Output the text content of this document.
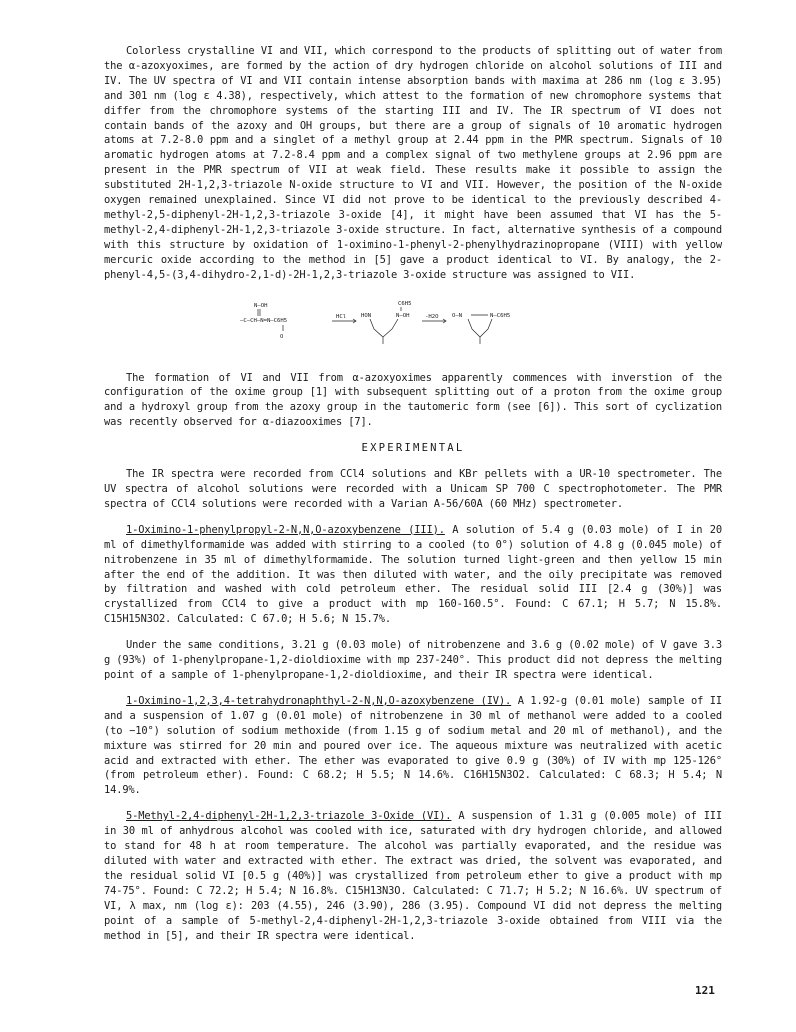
Colorless crystalline VI and VII, which correspond to the products of splitting out of water from the α-azoxyoximes, are formed by the action of dry hydrogen chloride on alcohol solutions of III and IV. The UV spectra of VI and VII contain intense absorption bands with maxima at 286 nm (log ε 3.95) and 301 nm (log ε 4.38), respectively, which attest to the formation of new chromophore systems that differ from the chromophore systems of the starting III and IV. The IR spectrum of VI does not contain bands of the azoxy and OH groups, but there are a group of signals of 10 aromatic hydrogen atoms at 7.2-8.0 ppm and a singlet of a methyl group at 2.44 ppm in the PMR spectrum. Signals of 10 aromatic hydrogen atoms at 7.2-8.4 ppm and a complex signal of two methylene groups at 2.96 ppm are present in the PMR spectrum of VII at weak field. These results make it possible to assign the substituted 2H-1,2,3-triazole N-oxide structure to VI and VII. However, the position of the N-oxide oxygen remained unexplained. Since VI did not prove to be identical to the previously described 4-methyl-2,5-diphenyl-2H-1,2,3-triazole 3-oxide [4], it might have been assumed that VI has the 5-methyl-2,4-diphenyl-2H-1,2,3-triazole 3-oxide structure. In fact, alternative synthesis of a compound with this structure by oxidation of 1-oximino-1-phenyl-2-phenylhydrazinopropane (VIII) with yellow mercuric oxide according to the method in [5] gave a product identical to VI. By analogy, the 2-phenyl-4,5-(3,4-dihydro-2,1-d)-2H-1,2,3-triazole 3-oxide structure was assigned to VII.

N—OH
—C—CH—N=N—C6H5
O
HCl	HON
C6H5
N—OH	-H2O O—N	N—C6H5

The formation of VI and VII from α-azoxyoximes apparently commences with inverstion of the configuration of the oxime group [1] with subsequent splitting out of a proton from the oxime group and a hydroxyl group from the azoxy group in the tautomeric form (see [6]). This sort of cyclization was recently observed for α-diazooximes [7].

EXPERIMENTAL

The IR spectra were recorded from CCl4 solutions and KBr pellets with a UR-10 spectrometer. The UV spectra of alcohol solutions were recorded with a Unicam SP 700 C spectrophotometer. The PMR spectra of CCl4 solutions were recorded with a Varian A-56/60A (60 MHz) spectrometer.

1-Oximino-1-phenylpropyl-2-N,N,O-azoxybenzene (III). A solution of 5.4 g (0.03 mole) of I in 20 ml of dimethylformamide was added with stirring to a cooled (to 0°) solution of 4.8 g (0.045 mole) of nitrobenzene in 35 ml of dimethylformamide. The solution turned light-green and then yellow 15 min after the end of the addition. It was then diluted with water, and the oily precipitate was removed by filtration and washed with cold petroleum ether. The residual solid III [2.4 g (30%)] was crystallized from CCl4 to give a product with mp 160-160.5°. Found: C 67.1; H 5.7; N 15.8%. C15H15N3O2. Calculated: C 67.0; H 5.6; N 15.7%.

Under the same conditions, 3.21 g (0.03 mole) of nitrobenzene and 3.6 g (0.02 mole) of V gave 3.3 g (93%) of 1-phenylpropane-1,2-dioldioxime with mp 237-240°. This product did not depress the melting point of a sample of 1-phenylpropane-1,2-dioldioxime, and their IR spectra were identical.

1-Oximino-1,2,3,4-tetrahydronaphthyl-2-N,N,O-azoxybenzene (IV). A 1.92-g (0.01 mole) sample of II and a suspension of 1.07 g (0.01 mole) of nitrobenzene in 30 ml of methanol were added to a cooled (to −10°) solution of sodium methoxide (from 1.15 g of sodium metal and 20 ml of methanol), and the mixture was stirred for 20 min and poured over ice. The aqueous mixture was neutralized with acetic acid and extracted with ether. The ether was evaporated to give 0.9 g (30%) of IV with mp 125-126° (from petroleum ether). Found: C 68.2; H 5.5; N 14.6%. C16H15N3O2. Calculated: C 68.3; H 5.4; N 14.9%.

5-Methyl-2,4-diphenyl-2H-1,2,3-triazole 3-Oxide (VI). A suspension of 1.31 g (0.005 mole) of III in 30 ml of anhydrous alcohol was cooled with ice, saturated with dry hydrogen chloride, and allowed to stand for 48 h at room temperature. The alcohol was partially evaporated, and the residue was diluted with water and extracted with ether. The extract was dried, the solvent was evaporated, and the residual solid VI [0.5 g (40%)] was crystallized from petroleum ether to give a product with mp 74-75°. Found: C 72.2; H 5.4; N 16.8%. C15H13N3O. Calculated: C 71.7; H 5.2; N 16.6%. UV spectrum of VI, λ max, nm (log ε): 203 (4.55), 246 (3.90), 286 (3.95). Compound VI did not depress the melting point of a sample of 5-methyl-2,4-diphenyl-2H-1,2,3-triazole 3-oxide obtained from VIII via the method in [5], and their IR spectra were identical.

121
